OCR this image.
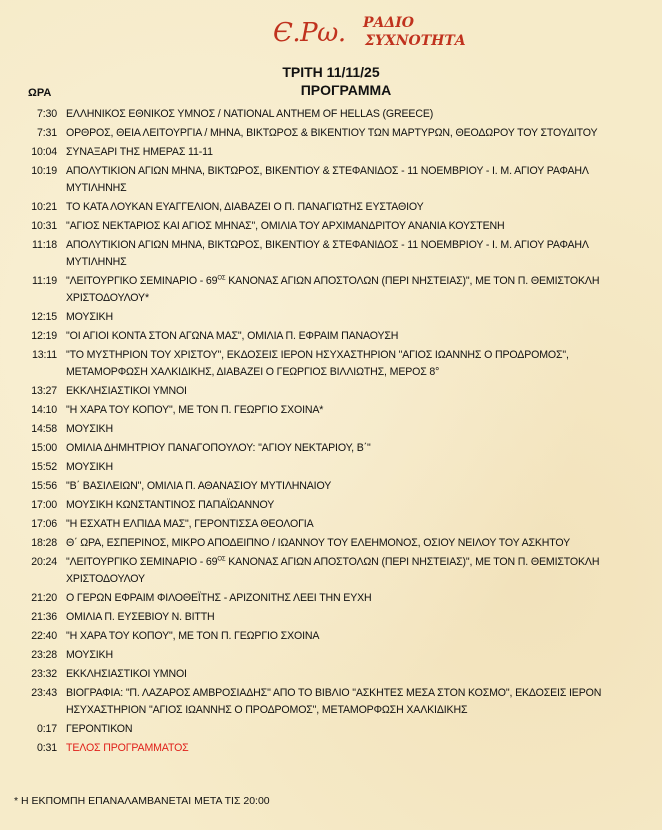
Є.Ρω. ΡΑΔΙΟ
ΣΥΧΝΟΤΗΤΑ
ΤΡΙΤΗ 11/11/25
ΠΡΟΓΡΑΜΜΑ
ΩΡΑ
7:30 ΕΛΛΗΝΙΚΟΣ ΕΘΝΙΚΟΣ ΥΜΝΟΣ / NATIONAL ANTHEM OF HELLAS (GREECE)
7:31 ΟΡΘΡΟΣ, ΘΕΙΑ ΛΕΙΤΟΥΡΓΙΑ / ΜΗΝΑ, ΒΙΚΤΩΡΟΣ & ΒΙΚΕΝΤΙΟΥ ΤΩΝ ΜΑΡΤΥΡΩΝ, ΘΕΟΔΩΡΟΥ ΤΟΥ ΣΤΟΥΔΙΤΟΥ
10:04 ΣΥΝΑΞΑΡΙ ΤΗΣ ΗΜΕΡΑΣ 11-11
10:19 ΑΠΟΛΥΤΙΚΙΟΝ ΑΓΙΩΝ ΜΗΝΑ, ΒΙΚΤΩΡΟΣ, ΒΙΚΕΝΤΙΟΥ & ΣΤΕΦΑΝΙΔΟΣ - 11 ΝΟΕΜΒΡΙΟΥ - Ι. Μ. ΑΓΙΟΥ ΡΑΦΑΗΛ ΜΥΤΙΛΗΝΗΣ
10:21 ΤΟ ΚΑΤΑ ΛΟΥΚΑΝ ΕΥΑΓΓΕΛΙΟΝ, ΔΙΑΒΑΖΕΙ Ο Π. ΠΑΝΑΓΙΩΤΗΣ ΕΥΣΤΑΘΙΟΥ
10:31 "ΑΓΙΟΣ ΝΕΚΤΑΡΙΟΣ ΚΑΙ ΑΓΙΟΣ ΜΗΝΑΣ", ΟΜΙΛΙΑ ΤΟΥ ΑΡΧΙΜΑΝΔΡΙΤΟΥ ΑΝΑΝΙΑ ΚΟΥΣΤΕΝΗ
11:18 ΑΠΟΛΥΤΙΚΙΟΝ ΑΓΙΩΝ ΜΗΝΑ, ΒΙΚΤΩΡΟΣ, ΒΙΚΕΝΤΙΟΥ & ΣΤΕΦΑΝΙΔΟΣ - 11 ΝΟΕΜΒΡΙΟΥ - Ι. Μ. ΑΓΙΟΥ ΡΑΦΑΗΛ ΜΥΤΙΛΗΝΗΣ
11:19 "ΛΕΙΤΟΥΡΓΙΚΟ ΣΕΜΙΝΑΡΙΟ - $69^{O\Sigma}$ ΚΑΝΟΝΑΣ ΑΓΙΩΝ ΑΠΟΣΤΟΛΩΝ (ΠΕΡΙ ΝΗΣΤΕΙΑΣ)", ΜΕ ΤΟΝ Π. ΘΕΜΙΣΤΟΚΛΗ ΧΡΙΣΤΟΔΟΥΛΟΥ*
12:15 ΜΟΥΣΙΚΗ
12:19 "ΟΙ ΑΓΙΟΙ ΚΟΝΤΑ ΣΤΟΝ ΑΓΩΝΑ ΜΑΣ", ΟΜΙΛΙΑ Π. ΕΦΡΑΙΜ ΠΑΝΑΟΥΣΗ
13:11 "ΤΟ ΜΥΣΤΗΡΙΟΝ ΤΟΥ ΧΡΙΣΤΟΥ", ΕΚΔΟΣΕΙΣ ΙΕΡΟΝ ΗΣΥΧΑΣΤΗΡΙΟΝ "ΑΓΙΟΣ ΙΩΑΝΝΗΣ Ο ΠΡΟΔΡΟΜΟΣ", ΜΕΤΑΜΟΡΦΩΣΗ ΧΑΛΚΙΔΙΚΗΣ, ΔΙΑΒΑΖΕΙ Ο ΓΕΩΡΓΙΟΣ ΒΙΛΛΙΩΤΗΣ, ΜΕΡΟΣ 8°
13:27 ΕΚΚΛΗΣΙΑΣΤΙΚΟΙ ΥΜΝΟΙ
14:10 "Η ΧΑΡΑ ΤΟΥ ΚΟΠΟΥ", ΜΕ ΤΟΝ Π. ΓΕΩΡΓΙΟ ΣΧΟΙΝΑ*
14:58 ΜΟΥΣΙΚΗ
15:00 ΟΜΙΛΙΑ ΔΗΜΗΤΡΙΟΥ ΠΑΝΑΓΟΠΟΥΛΟΥ: "ΑΓΙΟΥ ΝΕΚΤΑΡΙΟΥ, Β΄"
15:52 ΜΟΥΣΙΚΗ
15:56 "Β΄ ΒΑΣΙΛΕΙΩΝ", ΟΜΙΛΙΑ Π. ΑΘΑΝΑΣΙΟΥ ΜΥΤΙΛΗΝΑΙΟΥ
17:00 ΜΟΥΣΙΚΗ ΚΩΝΣΤΑΝΤΙΝΟΣ ΠΑΠΑΪΩΑΝΝΟΥ
17:06 "Η ΕΣΧΑΤΗ ΕΛΠΙΔΑ ΜΑΣ", ΓΕΡΟΝΤΙΣΣΑ ΘΕΟΛΟΓΙΑ
18:28 Θ΄ ΩΡΑ, ΕΣΠΕΡΙΝΟΣ, ΜΙΚΡΟ ΑΠΟΔΕΙΠΝΟ / ΙΩΑΝΝΟΥ ΤΟΥ ΕΛΕΗΜΟΝΟΣ, ΟΣΙΟΥ ΝΕΙΛΟΥ ΤΟΥ ΑΣΚΗΤΟΥ
20:24 "ΛΕΙΤΟΥΡΓΙΚΟ ΣΕΜΙΝΑΡΙΟ - $69^{O\Sigma}$ ΚΑΝΟΝΑΣ ΑΓΙΩΝ ΑΠΟΣΤΟΛΩΝ (ΠΕΡΙ ΝΗΣΤΕΙΑΣ)", ΜΕ ΤΟΝ Π. ΘΕΜΙΣΤΟΚΛΗ ΧΡΙΣΤΟΔΟΥΛΟΥ
21:20 Ο ΓΕΡΩΝ ΕΦΡΑΙΜ ΦΙΛΟΘΕΪΤΗΣ - ΑΡΙΖΟΝΙΤΗΣ ΛΕΕΙ ΤΗΝ ΕΥΧΗ
21:36 ΟΜΙΛΙΑ Π. ΕΥΣΕΒΙΟΥ Ν. ΒΙΤΤΗ
22:40 "Η ΧΑΡΑ ΤΟΥ ΚΟΠΟΥ", ΜΕ ΤΟΝ Π. ΓΕΩΡΓΙΟ ΣΧΟΙΝΑ
23:28 ΜΟΥΣΙΚΗ
23:32 ΕΚΚΛΗΣΙΑΣΤΙΚΟΙ ΥΜΝΟΙ
23:43 ΒΙΟΓΡΑΦΙΑ: "Π. ΛΑΖΑΡΟΣ ΑΜΒΡΟΣΙΑΔΗΣ" ΑΠΟ ΤΟ ΒΙΒΛΙΟ "ΑΣΚΗΤΕΣ ΜΕΣΑ ΣΤΟΝ ΚΟΣΜΟ", ΕΚΔΟΣΕΙΣ ΙΕΡΟΝ ΗΣΥΧΑΣΤΗΡΙΟΝ "ΑΓΙΟΣ ΙΩΑΝΝΗΣ Ο ΠΡΟΔΡΟΜΟΣ", ΜΕΤΑΜΟΡΦΩΣΗ ΧΑΛΚΙΔΙΚΗΣ
0:17 ΓΕΡΟΝΤΙΚΟΝ
0:31 ΤΕΛΟΣ ΠΡΟΓΡΑΜΜΑΤΟΣ
* Η ΕΚΠΟΜΠΗ ΕΠΑΝΑΛΑΜΒΑΝΕΤΑΙ ΜΕΤΑ ΤΙΣ 20:00
